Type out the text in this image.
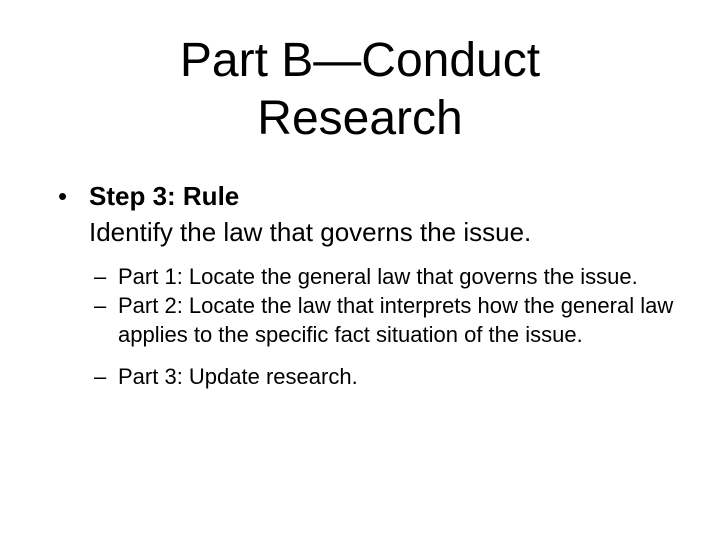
Part B—Conduct
Research
• Step 3: Rule
Identify the law that governs the issue.
– Part 1: Locate the general law that governs the issue.
– Part 2: Locate the law that interprets how the general law applies to the specific fact situation of the issue.
– Part 3: Update research.
